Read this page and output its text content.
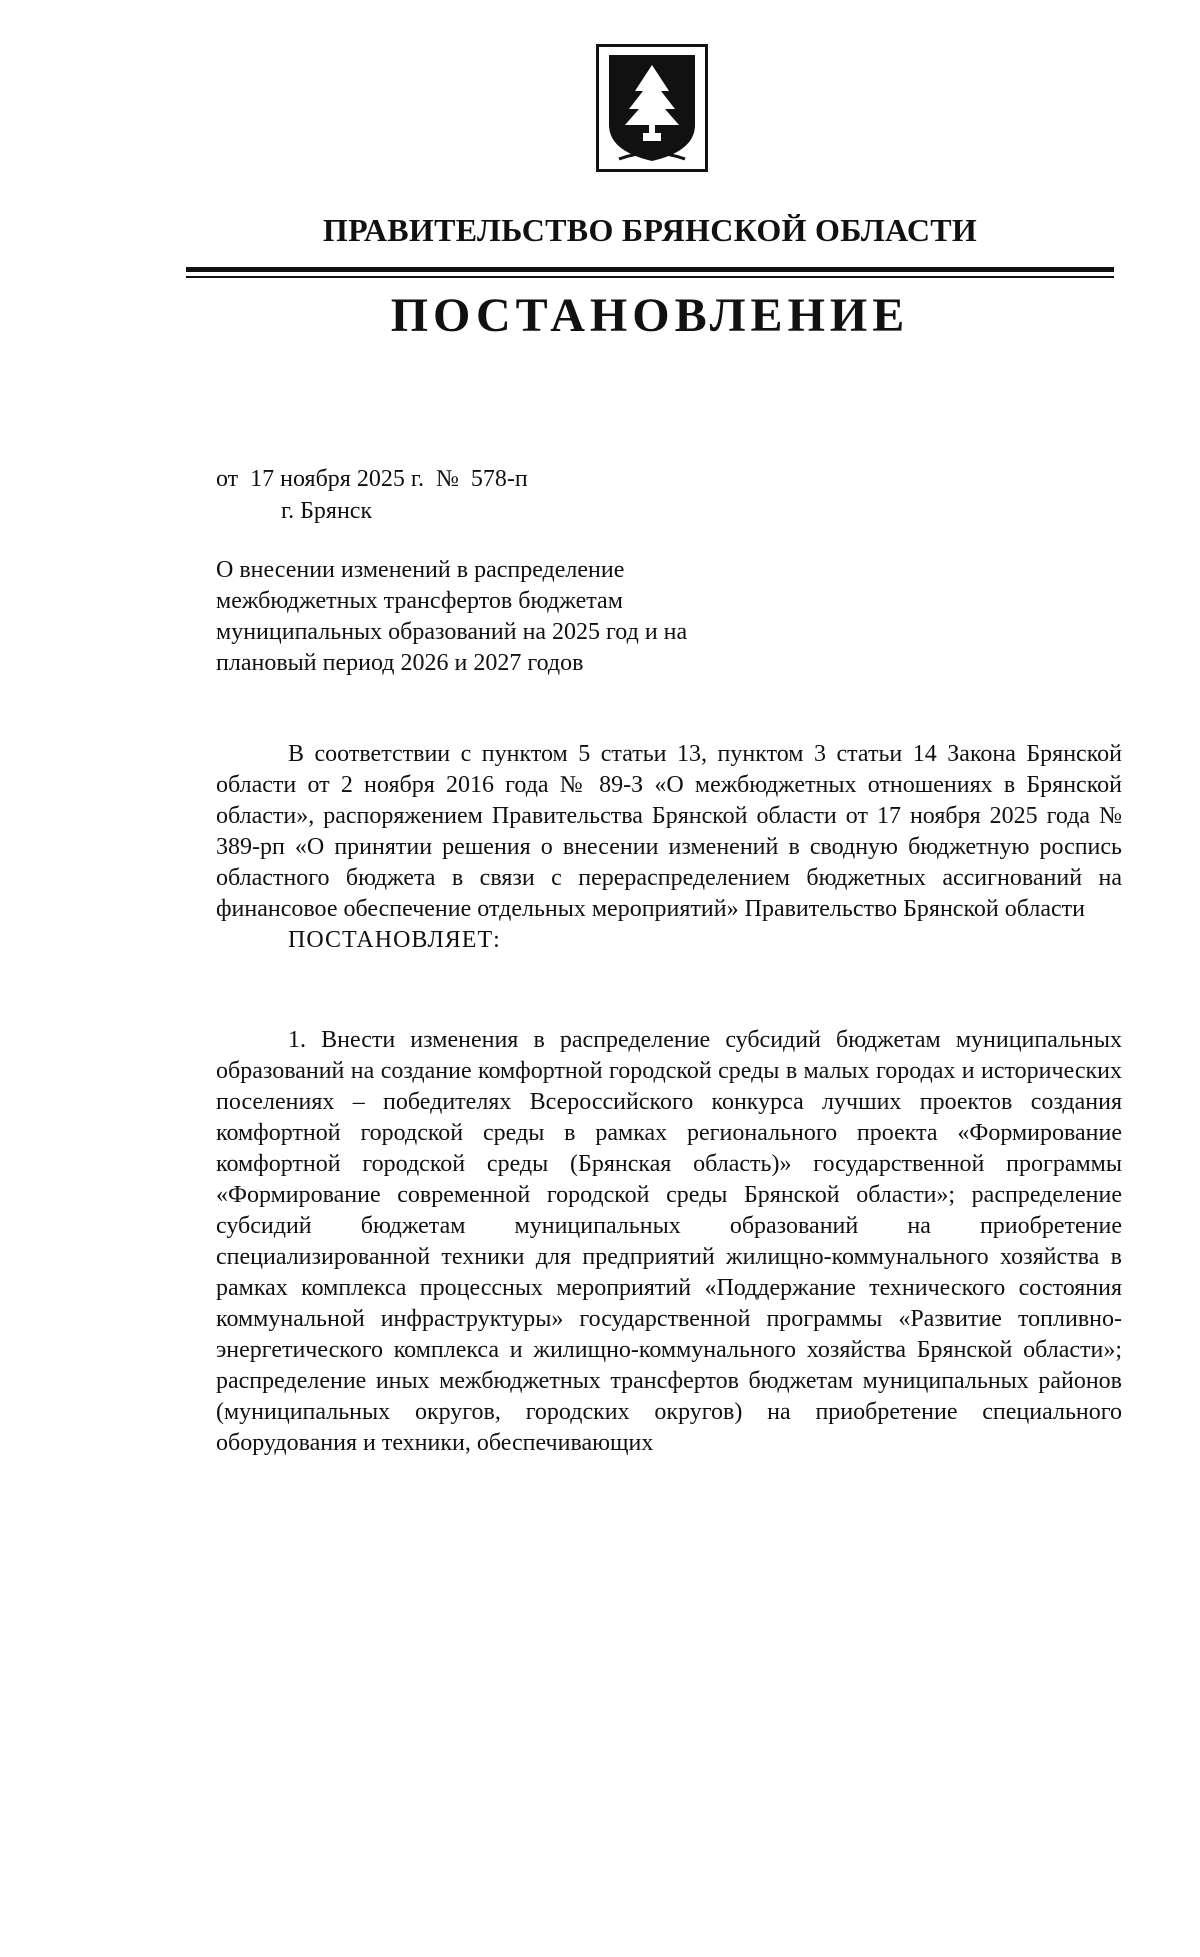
ПРАВИТЕЛЬСТВО БРЯНСКОЙ ОБЛАСТИ
ПОСТАНОВЛЕНИЕ
от  17 ноября 2025 г.  №  578-п
г. Брянск
О внесении изменений в распределение межбюджетных трансфертов бюджетам муниципальных образований на 2025 год и на плановый период 2026 и 2027 годов

В соответствии с пунктом 5 статьи 13, пунктом 3 статьи 14 Закона Брянской области от 2 ноября 2016 года № 89-З «О межбюджетных отношениях в Брянской области», распоряжением Правительства Брянской области от 17 ноября 2025 года № 389-рп «О принятии решения о внесении изменений в сводную бюджетную роспись областного бюджета в связи с перераспределением бюджетных ассигнований на финансовое обеспечение отдельных мероприятий» Правительство Брянской области

ПОСТАНОВЛЯЕТ:

1. Внести изменения в распределение субсидий бюджетам муниципальных образований на создание комфортной городской среды в малых городах и исторических поселениях – победителях Всероссийского конкурса лучших проектов создания комфортной городской среды в рамках регионального проекта «Формирование комфортной городской среды (Брянская область)» государственной программы «Формирование современной городской среды Брянской области»; распределение субсидий бюджетам муниципальных образований на приобретение специализированной техники для предприятий жилищно-коммунального хозяйства в рамках комплекса процессных мероприятий «Поддержание технического состояния коммунальной инфраструктуры» государственной программы «Развитие топливно-энергетического комплекса и жилищно-коммунального хозяйства Брянской области»; распределение иных межбюджетных трансфертов бюджетам муниципальных районов (муниципальных округов, городских округов) на приобретение специального оборудования и техники, обеспечивающих
